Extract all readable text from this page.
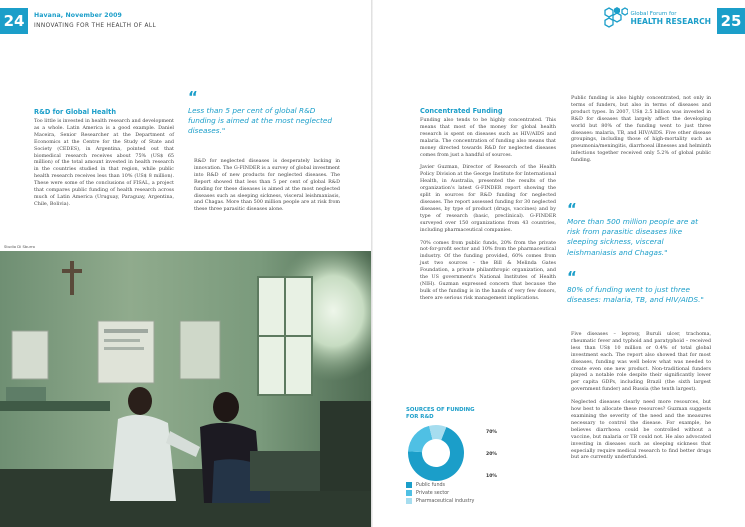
24	Havana, November 2009
INNOVATING FOR THE HEALTH OF ALL
R&D for Global Health
Too little is invested in health research and development as a whole. Latin America is a good example. Daniel Maceira, Senior Researcher at the Department of Economics at the Centre for the Study of State and Society (CEDES), in Argentina, pointed out that biomedical research receives about 75% (US$ 65 million) of the total amount invested in health research in the countries studied in that region, while public health research receives less than 10% (US$ 8 million). These were some of the conclusions of FISAL, a project that compares public funding of health research across much of Latin America (Uruguay, Paraguay, Argentina, Chile, Bolivia).
“
Less than 5 per cent of global R&D funding is aimed at the most neglected diseases."
R&D for neglected diseases is desperately lacking in innovation. The G-FINDER is a survey of global investment into R&D of new products for neglected diseases. The Report showed that less than 5 per cent of global R&D funding for these diseases is aimed at the most neglected diseases such as sleeping sickness, visceral leishmaniasis, and Chagas. More than 500 million people are at risk from these three parasitic diseases alone.
Studio Di Sburro
25
Global Forum for
HEALTH RESEARCH
Concentrated Funding
Funding also tends to be highly concentrated. This means that most of the money for global health research is spent on diseases such as HIV/AIDS and malaria. The concentration of funding also means that money directed towards R&D for neglected diseases comes from just a handful of sources.
Javier Guzman, Director of Research of the Health Policy Division at the George Institute for International Health, in Australia, presented the results of the organization's latest G-FINDER report showing the split in sources for R&D funding for neglected diseases. The report assessed funding for 30 neglected diseases, by type of product (drugs, vaccines) and by type of research (basic, preclinical). G-FINDER surveyed over 150 organizations from 43 countries, including pharmaceutical companies.
70% comes from public funds, 20% from the private not-for-profit sector and 10% from the pharmaceutical industry. Of the funding provided, 60% comes from just two sources – the Bill & Melinda Gates Foundation, a private philanthropic organization, and the US government's National Institutes of Health (NIH). Guzman expressed concern that because the bulk of the funding is in the hands of very few donors, there are serious risk management implications.
SOURCES OF FUNDING FOR R&D
70%
20%
10%
Public funds
Private sector
Pharmaceutical industry
Public funding is also highly concentrated, not only in terms of funders, but also in terms of diseases and product types. In 2007, US$ 2.5 billion was invested in R&D for diseases that largely affect the developing world but 80% of the funding went to just three diseases: malaria, TB, and HIV/AIDS. Five other disease groupings, including those of high-mortality such as pneumonia/meningitis, diarrhoeal illnesses and helminth infections together received only 5.2% of global public funding.
“
More than 500 million people are at risk from parasitic diseases like sleeping sickness, visceral leishmaniasis and Chagas."
“
80% of funding went to just three diseases: malaria, TB, and HIV/AIDS."
Five diseases – leprosy, Buruli ulcer, trachoma, rheumatic fever and typhoid and paratyphoid – received less than US$ 10 million or 0.4% of total global investment each. The report also showed that for most diseases, funding was well below what was needed to create even one new product. Non-traditional funders played a notable role despite their significantly lower per capita GDPs, including Brazil (the sixth largest government funder) and Russia (the tenth largest).
Neglected diseases clearly need more resources, but how best to allocate these resources? Guzman suggests examining the severity of the need and the measures necessary to control the disease. For example, he believes diarrhoea could be controlled without a vaccine, but malaria or TB could not. He also advocated investing in diseases such as sleeping sickness that especially require medical research to find better drugs but are currently underfunded.
